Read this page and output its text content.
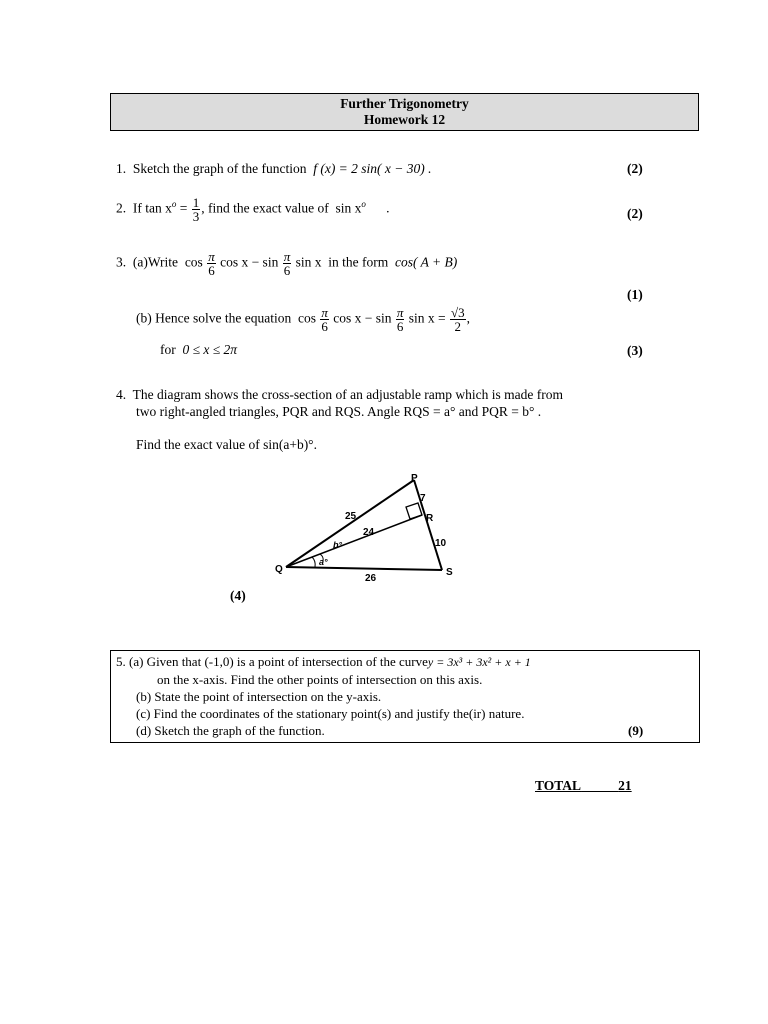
Further Trigonometry
Homework 12
1. Sketch the graph of the function f (x) = 2 sin( x − 30) .	(2)
2. If $\tan x^o = \frac{1}{3}$ , find the exact value of $\sin x^o$ .	(2)
3. (a)Write $\cos \frac{\pi}{6}$ $\cos x - \sin \frac{\pi}{6}$ sin x in the form cos( A + B)
(1)
(b) Hence solve the equation $\cos \frac{\pi}{6}$ $\cos x - \sin \frac{\pi}{6}$ $\sin x = \frac{√3}{2}$ ,
for 0 ≤ x ≤ 2π	(3)
4. The diagram shows the cross-section of an adjustable ramp which is made from
two right-angled triangles, PQR and RQS. Angle RQS = a° and PQR = b° .
Find the exact value of sin(a+b)°.
P
Q
R
S
25
24
7
10
26
b°
a°
(4)
5. (a) Given that (-1,0) is a point of intersection of the curvey = 3x³ + 3x² + x + 1
on the x-axis. Find the other points of intersection on this axis.
(b) State the point of intersection on the y-axis.
(c) Find the coordinates of the stationary point(s) and justify the(ir) nature.
(d) Sketch the graph of the function.	(9)
TOTAL	21
